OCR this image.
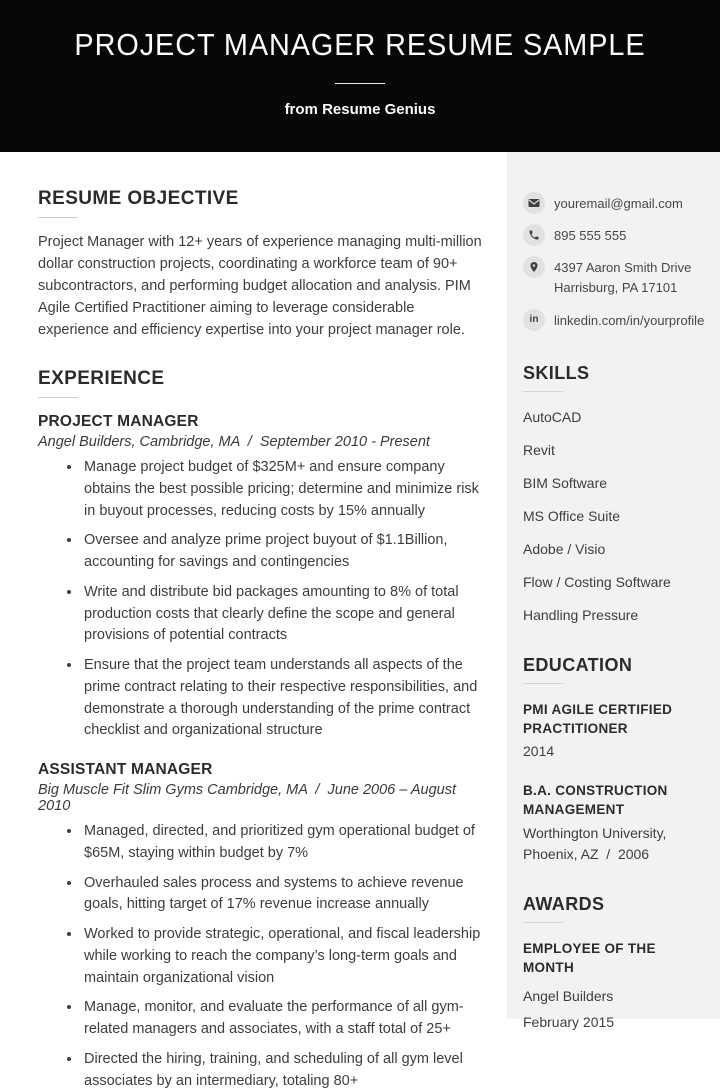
PROJECT MANAGER RESUME SAMPLE
from Resume Genius
RESUME OBJECTIVE

Project Manager with 12+ years of experience managing multi-million dollar construction projects, coordinating a workforce team of 90+ subcontractors, and performing budget allocation and analysis. PIM Agile Certified Practitioner aiming to leverage considerable experience and efficiency expertise into your project manager role.

EXPERIENCE
PROJECT MANAGER
Angel Builders, Cambridge, MA  /  September 2010 - Present
• Manage project budget of $325M+ and ensure company obtains the best possible pricing; determine and minimize risk in buyout processes, reducing costs by 15% annually
• Oversee and analyze prime project buyout of $1.1Billion, accounting for savings and contingencies
• Write and distribute bid packages amounting to 8% of total production costs that clearly define the scope and general provisions of potential contracts
• Ensure that the project team understands all aspects of the prime contract relating to their respective responsibilities, and demonstrate a thorough understanding of the prime contract checklist and organizational structure
ASSISTANT MANAGER
Big Muscle Fit Slim Gyms Cambridge, MA  /  June 2006 – August 2010
• Managed, directed, and prioritized gym operational budget of $65M, staying within budget by 7%
• Overhauled sales process and systems to achieve revenue goals, hitting target of 17% revenue increase annually
• Worked to provide strategic, operational, and fiscal leadership while working to reach the company’s long-term goals and maintain organizational vision
• Manage, monitor, and evaluate the performance of all gym-related managers and associates, with a staff total of 25+
• Directed the hiring, training, and scheduling of all gym level associates by an intermediary, totaling 80+
youremail@gmail.com
895 555 555
4397 Aaron Smith Drive
Harrisburg, PA 17101
in linkedin.com/in/yourprofile
SKILLS
AutoCAD
Revit
BIM Software
MS Office Suite
Adobe / Visio
Flow / Costing Software
Handling Pressure
EDUCATION
PMI AGILE CERTIFIED PRACTITIONER
2014
B.A. CONSTRUCTION MANAGEMENT
Worthington University,
Phoenix, AZ  /  2006
AWARDS
EMPLOYEE OF THE MONTH
Angel Builders
February 2015
